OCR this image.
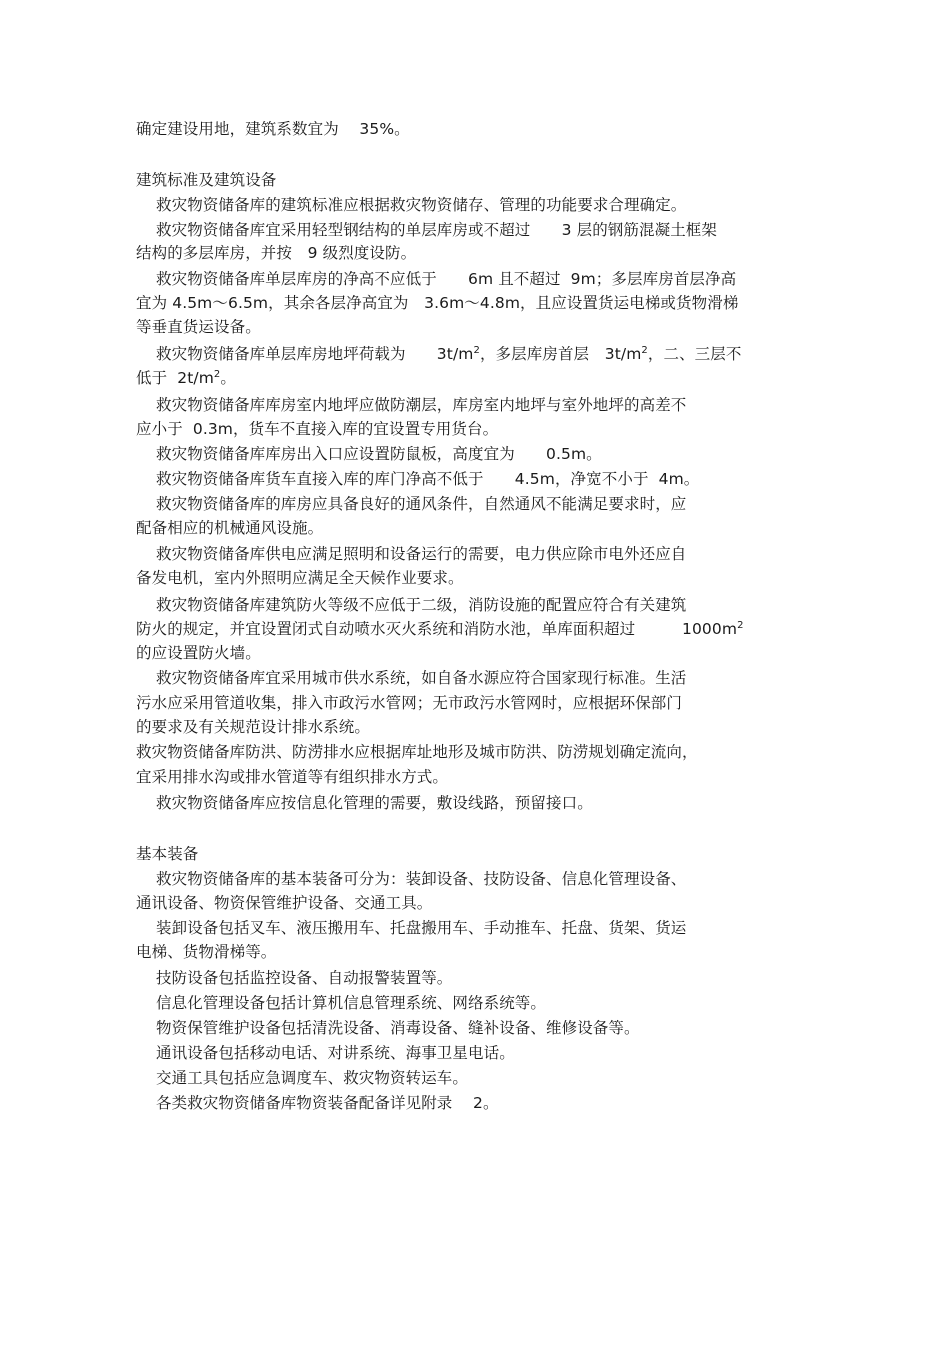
确定建设用地，建筑系数宜为　 35%。
建筑标准及建筑设备
救灾物资储备库的建筑标准应根据救灾物资储存、管理的功能要求合理确定。
救灾物资储备库宜采用轻型钢结构的单层库房或不超过　　3 层的钢筋混凝土框架
结构的多层库房，并按　9 级烈度设防。
救灾物资储备库单层库房的净高不应低于　　6m 且不超过  9m；多层库房首层净高
宜为 4.5m～6.5m，其余各层净高宜为　3.6m～4.8m，且应设置货运电梯或货物滑梯
等垂直货运设备。
救灾物资储备库单层库房地坪荷载为　　$3t/m^2$，多层库房首层　$3t/m^2$，二、三层不
低于  $2t/m^2$。
救灾物资储备库库房室内地坪应做防潮层，库房室内地坪与室外地坪的高差不
应小于  0.3m，货车不直接入库的宜设置专用货台。
救灾物资储备库库房出入口应设置防鼠板，高度宜为　　0.5m。
救灾物资储备库货车直接入库的库门净高不低于　　4.5m，净宽不小于  4m。
救灾物资储备库的库房应具备良好的通风条件，自然通风不能满足要求时，应
配备相应的机械通风设施。
救灾物资储备库供电应满足照明和设备运行的需要，电力供应除市电外还应自
备发电机，室内外照明应满足全天候作业要求。
救灾物资储备库建筑防火等级不应低于二级，消防设施的配置应符合有关建筑
防火的规定，并宜设置闭式自动喷水灭火系统和消防水池，单库面积超过　　　$1000m^2$
的应设置防火墙。
救灾物资储备库宜采用城市供水系统，如自备水源应符合国家现行标准。生活
污水应采用管道收集，排入市政污水管网；无市政污水管网时，应根据环保部门
的要求及有关规范设计排水系统。
救灾物资储备库防洪、防涝排水应根据库址地形及城市防洪、防涝规划确定流向，
宜采用排水沟或排水管道等有组织排水方式。
救灾物资储备库应按信息化管理的需要，敷设线路，预留接口。
基本装备
救灾物资储备库的基本装备可分为：装卸设备、技防设备、信息化管理设备、
通讯设备、物资保管维护设备、交通工具。
装卸设备包括叉车、液压搬用车、托盘搬用车、手动推车、托盘、货架、货运
电梯、货物滑梯等。
技防设备包括监控设备、自动报警装置等。
信息化管理设备包括计算机信息管理系统、网络系统等。
物资保管维护设备包括清洗设备、消毒设备、缝补设备、维修设备等。
通讯设备包括移动电话、对讲系统、海事卫星电话。
交通工具包括应急调度车、救灾物资转运车。
各类救灾物资储备库物资装备配备详见附录　 2。
